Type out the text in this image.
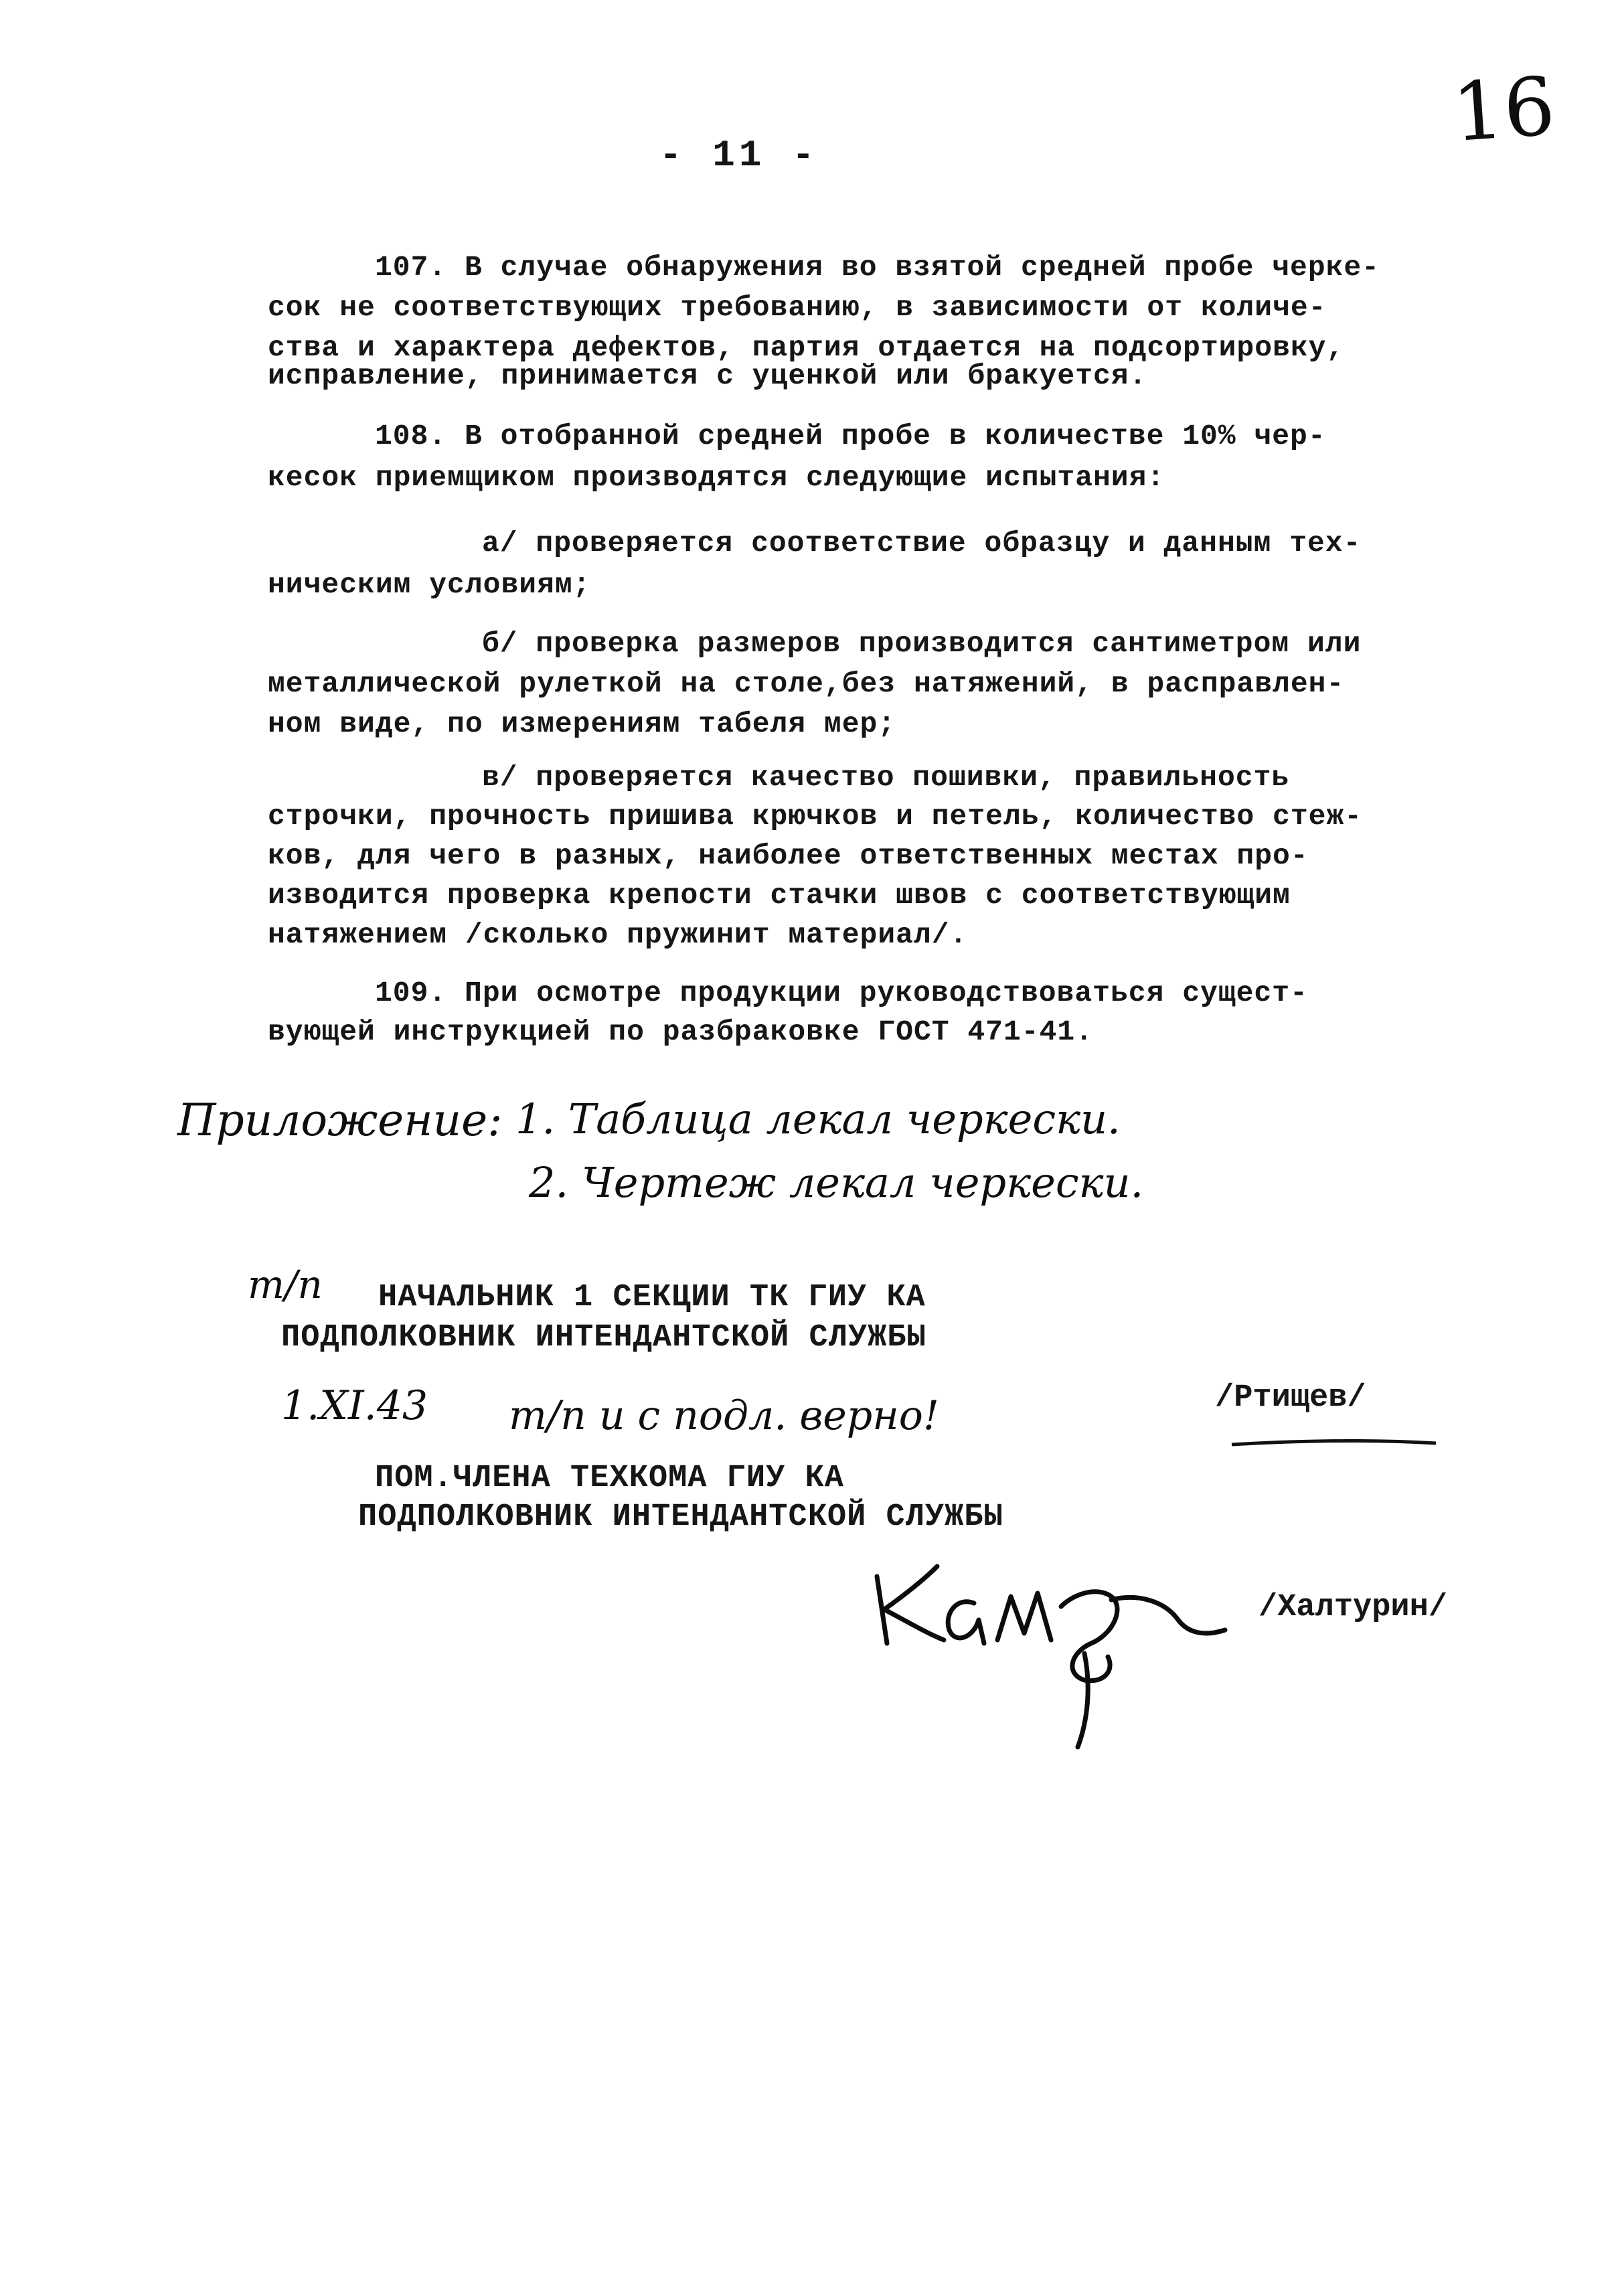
16
- 11 -
107. В случае обнаружения во взятой средней пробе черке-
сок не соответствующих требованию, в зависимости от количе-
ства и характера дефектов, партия отдается на подсортировку,
исправление, принимается с уценкой или бракуется.
108. В отобранной средней пробе в количестве 10% чер-
кесок приемщиком производятся следующие испытания:
а/ проверяется соответствие образцу и данным тех-
ническим условиям;
б/ проверка размеров производится сантиметром или
металлической рулеткой на столе,без натяжений, в расправлен-
ном виде, по измерениям табеля мер;
в/ проверяется качество пошивки, правильность
строчки, прочность пришива крючков и петель, количество стеж-
ков, для чего в разных, наиболее ответственных местах про-
изводится проверка крепости стачки швов с соответствующим
натяжением /сколько пружинит материал/.
109. При осмотре продукции руководствоваться сущест-
вующей инструкцией по разбраковке ГОСТ 471-41.
Приложение: 1. Таблица лекал черкески.
2. Чертеж лекал черкески.
т/п НАЧАЛЬНИК 1 СЕКЦИИ ТК ГИУ КА
ПОДПОЛКОВНИК ИНТЕНДАНТСКОЙ СЛУЖБЫ
1.XI.43 т/п и с подл. верно!	/Ртищев/
ПОМ.ЧЛЕНА ТЕХКОМА ГИУ КА
ПОДПОЛКОВНИК ИНТЕНДАНТСКОЙ СЛУЖБЫ
/Халтурин/
